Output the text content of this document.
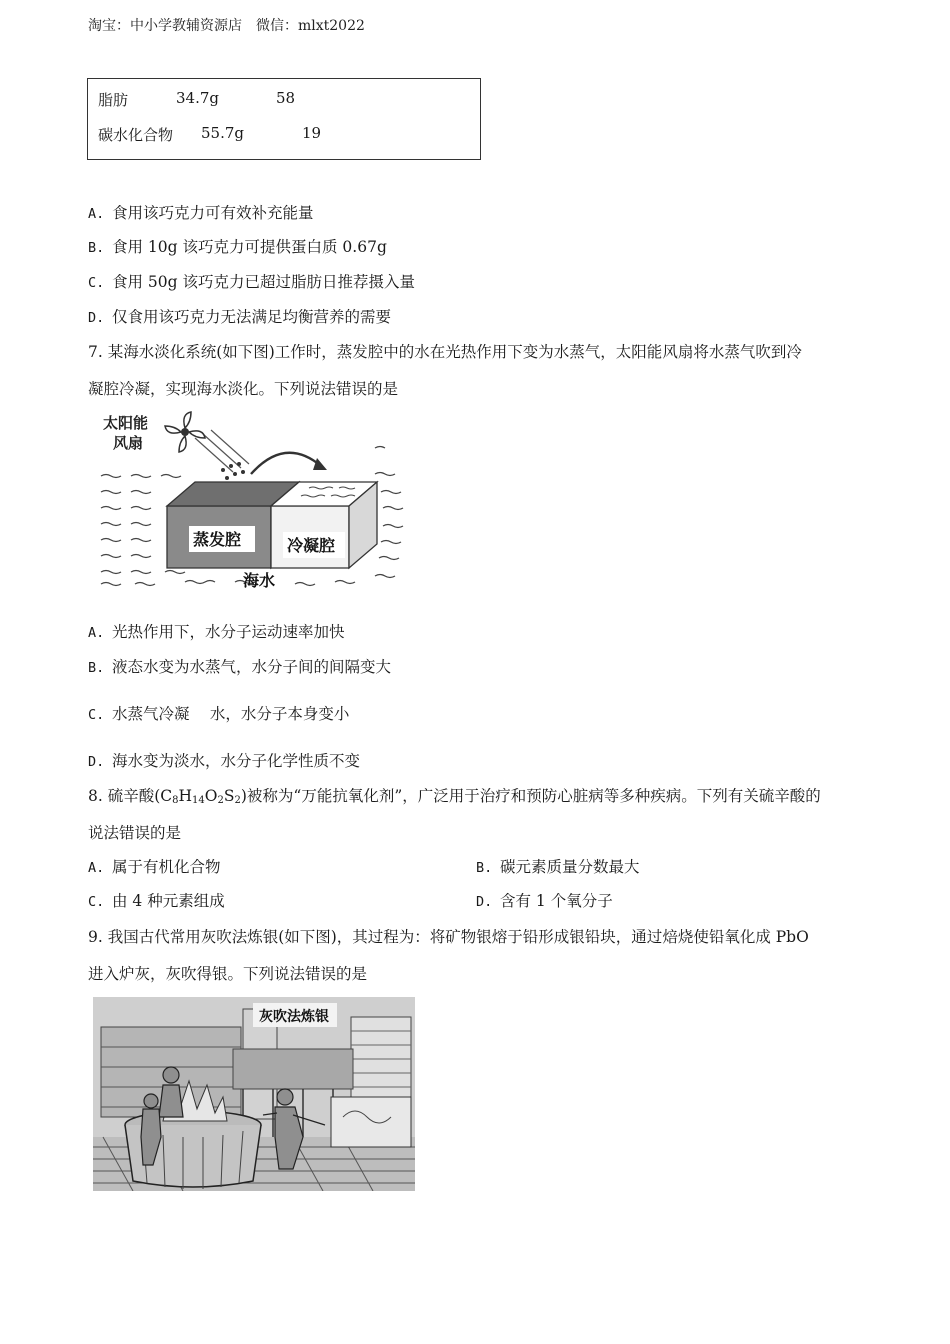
淘宝：中小学教辅资源店　微信：mlxt2022
脂肪	34.7g	58
碳水化合物 55.7g	19
A. 食用该巧克力可有效补充能量
B. 食用 10g 该巧克力可提供蛋白质 0.67g
C. 食用 50g 该巧克力已超过脂肪日推荐摄入量
D. 仅食用该巧克力无法满足均衡营养的需要
7. 某海水淡化系统(如下图)工作时，蒸发腔中的水在光热作用下变为水蒸气，太阳能风扇将水蒸气吹到冷
凝腔冷凝，实现海水淡化。下列说法错误的是
太阳能
风扇
蒸发腔	冷凝腔
海水
A. 光热作用下，水分子运动速率加快
B. 液态水变为水蒸气，水分子间的间隔变大
C. 水蒸气冷凝　 水，水分子本身变小
D. 海水变为淡水，水分子化学性质不变
8. 硫辛酸$(C_8H_{14}O_2S_2)$被称为“万能抗氧化剂”，广泛用于治疗和预防心脏病等多种疾病。下列有关硫辛酸的
说法错误的是
A. 属于有机化合物	B. 碳元素质量分数最大
C. 由 4 种元素组成	D. 含有 1 个氧分子
9. 我国古代常用灰吹法炼银(如下图)，其过程为：将矿物银熔于铅形成银铅块，通过焙烧使铅氧化成 PbO
进入炉灰，灰吹得银。下列说法错误的是
灰吹法炼银
